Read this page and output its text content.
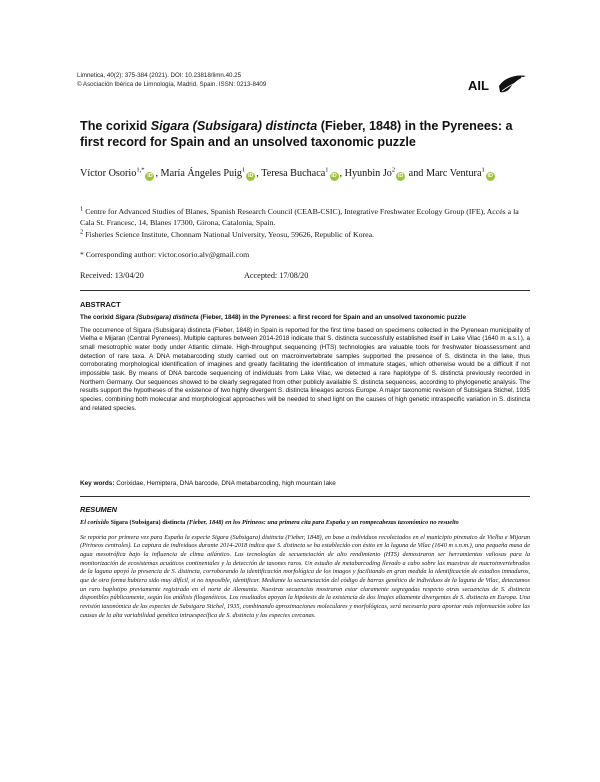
Limnetica, 40(2): 375-384 (2021). DOI: 10.23818/limn.40.25
© Asociación Ibérica de Limnología, Madrid. Spain. ISSN: 0213-8409	AIL
The corixid Sigara (Subsigara) distincta (Fieber, 1848) in the Pyrenees: a first record for Spain and an unsolved taxonomic puzzle
Víctor Osorio$^{1,*}$iD , María Ángeles Puig$^1$iD , Teresa Buchaca$^1$iD , Hyunbin Jo$^2$iD and Marc Ventura$^1$iD

$^1$ Centre for Advanced Studies of Blanes, Spanish Research Council (CEAB-CSIC), Integrative Freshwater Ecology Group (IFE), Accés a la Cala St. Francesc, 14, Blanes 17300, Girona, Catalonia, Spain.

$^2$ Fisheries Science Institute, Chonnam National University, Yeosu, 59626, Republic of Korea.

* Corresponding author: victor.osorio.alv@gmail.com
Received: 13/04/20	Accepted: 17/08/20
ABSTRACT

The corixid Sigara (Subsigara) distincta (Fieber, 1848) in the Pyrenees: a first record for Spain and an unsolved taxonomic puzzle

The occurrence of Sigara (Subsigara) distincta (Fieber, 1848) in Spain is reported for the first time based on specimens collected in the Pyrenean municipality of Vielha e Mijaran (Central Pyrenees). Multiple captures between 2014-2018 indicate that S. distincta successfully established itself in Lake Vilac (1640 m a.s.l.), a small mesotrophic water body under Atlantic climate. High-throughput sequencing (HTS) technologies are valuable tools for freshwater bioassessment and detection of rare taxa. A DNA metabarcoding study carried out on macroinvertebrate samples supported the presence of S. distincta in the lake, thus corroborating morphological identification of imagines and greatly facilitating the identification of immature stages, which otherwise would be a difficult if not impossible task. By means of DNA barcode sequencing of individuals from Lake Vilac, we detected a rare haplotype of S. distincta previously recorded in Northern Germany. Our sequences showed to be clearly segregated from other publicly available S. distincta sequences, according to phylogenetic analysis. The results support the hypotheses of the existence of two highly divergent S. distincta lineages across Europe. A major taxonomic revision of Subsigara Stichel, 1935 species, combining both molecular and morphological approaches will be needed to shed light on the causes of high genetic intraspecific variation in S. distincta and related species.

Key words: Corixidae, Hemiptera, DNA barcode, DNA metabarcoding, high mountain lake
RESUMEN

El corixido Sigara (Subsigara) distincta (Fieber, 1848) en los Pirineos: una primera cita para España y un rompecabezas taxonómico no resuelto

Se reporta por primera vez para España la especie Sigara (Subsigara) distincta (Fieber, 1848), en base a individuos recolectados en el municipio pirenaico de Vielha e Mijaran (Pirineos centrales). La captura de individuos durante 2014-2018 indica que S. distincta se ha establecido con éxito en la laguna de Vilac (1640 m s.n.m.), una pequeña masa de agua mesotrófica bajo la influencia de clima atlántico. Las tecnologías de secuenciación de alto rendimiento (HTS) demostraron ser herramientas valiosas para la monitorización de ecosistemas acuáticos continentales y la detección de taxones raros. Un estudio de metabarcoding llevado a cabo sobre las muestras de macroinvertebrados de la laguna apoyó la presencia de S. distincta, corroborando la identificación morfológica de los imagos y facilitando en gran medida la identificación de estadios inmaduros, que de otra forma hubiera sido muy difícil, si no imposible, identificar. Mediante la secuenciación del código de barras genético de individuos de la laguna de Vilac, detectamos un raro haplotipo previamente registrado en el norte de Alemania. Nuestras secuencias mostraron estar claramente segregadas respecto otras secuencias de S. distincta disponibles públicamente, según los análisis filogenéticos. Los resultados apoyan la hipótesis de la existencia de dos linajes altamente divergentes de S. distincta en Europa. Una revisión taxonómica de las especies de Subsigara Stichel, 1935, combinando aproximaciones moleculares y morfológicas, será necesaria para aportar más información sobre las causas de la alta variabilidad genética intraespecífica de S. distincta y las especies cercanas.
